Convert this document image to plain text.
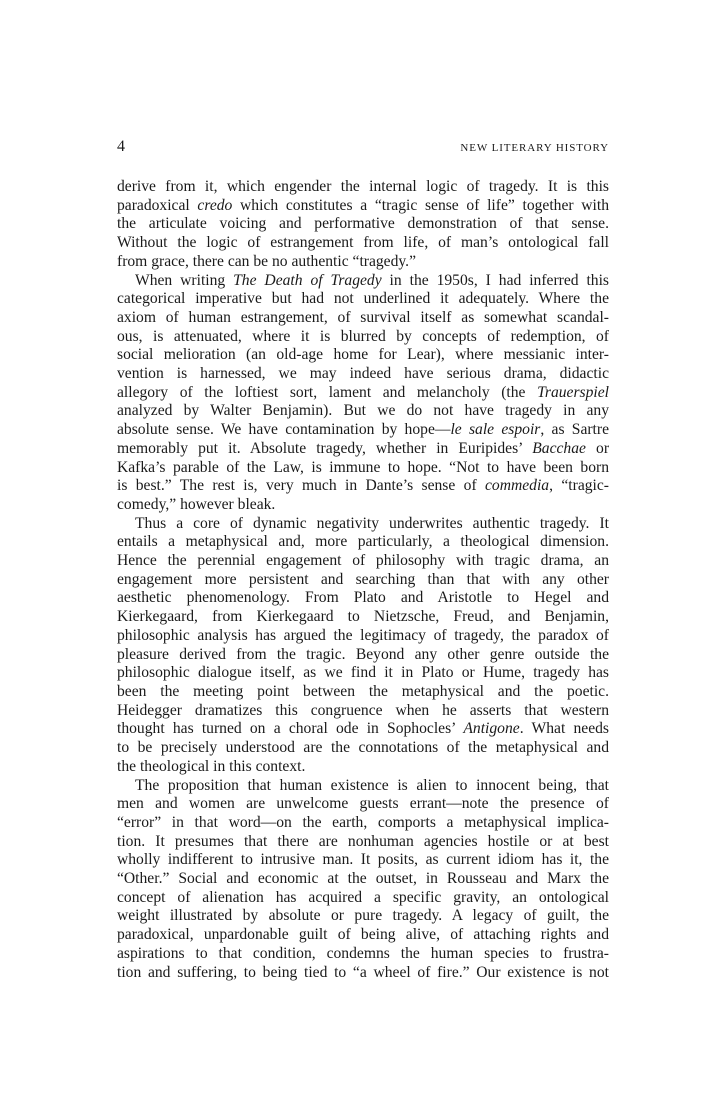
4	NEW LITERARY HISTORY
derive from it, which engender the internal logic of tragedy. It is this
paradoxical credo which constitutes a “tragic sense of life” together with
the articulate voicing and performative demonstration of that sense.
Without the logic of estrangement from life, of man’s ontological fall
from grace, there can be no authentic “tragedy.”
When writing The Death of Tragedy in the 1950s, I had inferred this
categorical imperative but had not underlined it adequately. Where the
axiom of human estrangement, of survival itself as somewhat scandal-
ous, is attenuated, where it is blurred by concepts of redemption, of
social melioration (an old-age home for Lear), where messianic inter-
vention is harnessed, we may indeed have serious drama, didactic
allegory of the loftiest sort, lament and melancholy (the Trauerspiel
analyzed by Walter Benjamin). But we do not have tragedy in any
absolute sense. We have contamination by hope—le sale espoir, as Sartre
memorably put it. Absolute tragedy, whether in Euripides’ Bacchae or
Kafka’s parable of the Law, is immune to hope. “Not to have been born
is best.” The rest is, very much in Dante’s sense of commedia, “tragic-
comedy,” however bleak.
Thus a core of dynamic negativity underwrites authentic tragedy. It
entails a metaphysical and, more particularly, a theological dimension.
Hence the perennial engagement of philosophy with tragic drama, an
engagement more persistent and searching than that with any other
aesthetic phenomenology. From Plato and Aristotle to Hegel and
Kierkegaard, from Kierkegaard to Nietzsche, Freud, and Benjamin,
philosophic analysis has argued the legitimacy of tragedy, the paradox of
pleasure derived from the tragic. Beyond any other genre outside the
philosophic dialogue itself, as we find it in Plato or Hume, tragedy has
been the meeting point between the metaphysical and the poetic.
Heidegger dramatizes this congruence when he asserts that western
thought has turned on a choral ode in Sophocles’ Antigone. What needs
to be precisely understood are the connotations of the metaphysical and
the theological in this context.
The proposition that human existence is alien to innocent being, that
men and women are unwelcome guests errant—note the presence of
“error” in that word—on the earth, comports a metaphysical implica-
tion. It presumes that there are nonhuman agencies hostile or at best
wholly indifferent to intrusive man. It posits, as current idiom has it, the
“Other.” Social and economic at the outset, in Rousseau and Marx the
concept of alienation has acquired a specific gravity, an ontological
weight illustrated by absolute or pure tragedy. A legacy of guilt, the
paradoxical, unpardonable guilt of being alive, of attaching rights and
aspirations to that condition, condemns the human species to frustra-
tion and suffering, to being tied to “a wheel of fire.” Our existence is not
